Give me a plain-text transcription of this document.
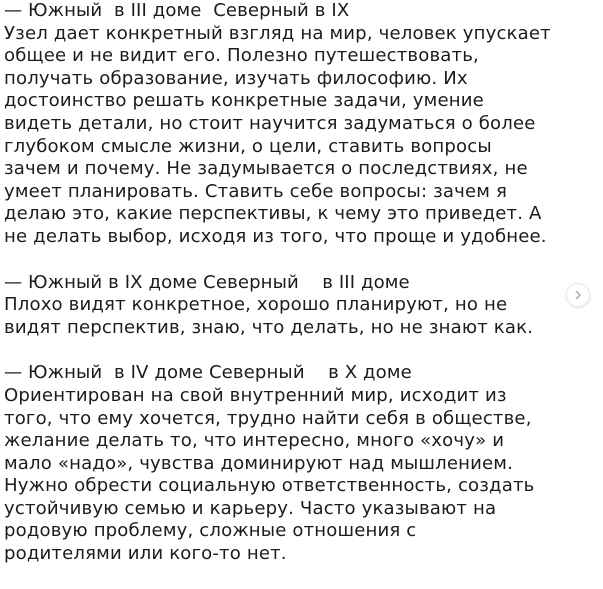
— Южный  в III доме  Северный в IX
Узел дает конкретный взгляд на мир, человек упускает
общее и не видит его. Полезно путешествовать,
получать образование, изучать философию. Их
достоинство решать конкретные задачи, умение
видеть детали, но стоит научится задуматься о более
глубоком смысле жизни, о цели, ставить вопросы
зачем и почему. Не задумывается о последствиях, не
умеет планировать. Ставить себе вопросы: зачем я
делаю это, какие перспективы, к чему это приведет. А
не делать выбор, исходя из того, что проще и удобнее.
— Южный в IX доме Северный    в III доме
Плохо видят конкретное, хорошо планируют, но не
видят перспектив, знаю, что делать, но не знают как.
— Южный  в IV доме Северный    в X доме
Ориентирован на свой внутренний мир, исходит из
того, что ему хочется, трудно найти себя в обществе,
желание делать то, что интересно, много «хочу» и
мало «надо», чувства доминируют над мышлением.
Нужно обрести социальную ответственность, создать
устойчивую семью и карьеру. Часто указывают на
родовую проблему, сложные отношения с
родителями или кого-то нет.
